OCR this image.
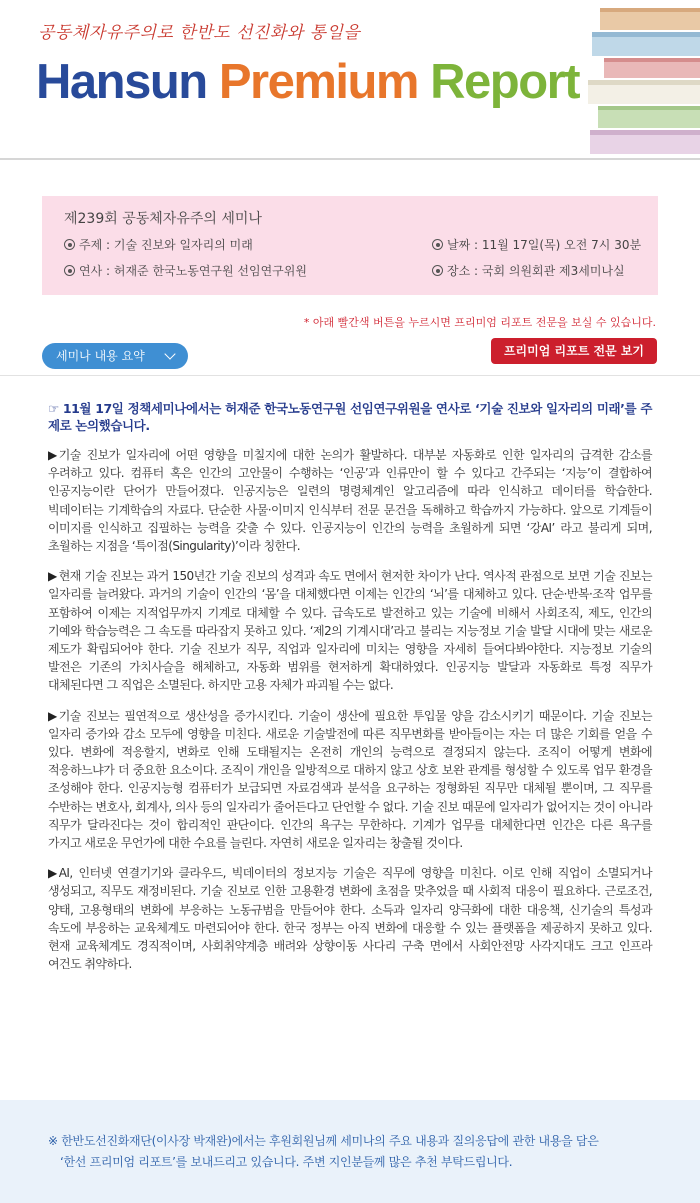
공동체자유주의로 한반도 선진화와 통일을
Hansun Premium Report
제239회 공동체자유주의 세미나
주제 : 기술 진보와 일자리의 미래
연사 : 허재준 한국노동연구원 선임연구위원
날짜 : 11월 17일(목) 오전 7시 30분
장소 : 국회 의원회관 제3세미나실
* 아래 빨간색 버튼을 누르시면 프리미엄 리포트 전문을 보실 수 있습니다.
세미나 내용 요약	프리미엄 리포트 전문 보기

☞ 11월 17일 정책세미나에서는 허재준 한국노동연구원 선임연구위원을 연사로 ‘기술 진보와 일자리의 미래’를 주제로 논의했습니다.

▶ 기술 진보가 일자리에 어떤 영향을 미칠지에 대한 논의가 활발하다. 대부분 자동화로 인한 일자리의 급격한 감소를 우려하고 있다. 컴퓨터 혹은 인간의 고안물이 수행하는 ‘인공’과 인류만이 할 수 있다고 간주되는 ‘지능’이 결합하여 인공지능이란 단어가 만들어졌다. 인공지능은 일련의 명령체계인 알고리즘에 따라 인식하고 데이터를 학습한다. 빅데이터는 기계학습의 자료다. 단순한 사물·이미지 인식부터 전문 문건을 독해하고 학습까지 가능하다. 앞으로 기계들이 이미지를 인식하고 집필하는 능력을 갖출 수 있다. 인공지능이 인간의 능력을 초월하게 되면 ‘강AI’ 라고 불리게 되며, 초월하는 지점을 ‘특이점(Singularity)’이라 칭한다.

▶ 현재 기술 진보는 과거 150년간 기술 진보의 성격과 속도 면에서 현저한 차이가 난다. 역사적 관점으로 보면 기술 진보는 일자리를 늘려왔다. 과거의 기술이 인간의 ‘몸’을 대체했다면 이제는 인간의 ‘뇌’를 대체하고 있다. 단순·반복·조작 업무를 포함하여 이제는 지적업무까지 기계로 대체할 수 있다. 급속도로 발전하고 있는 기술에 비해서 사회조직, 제도, 인간의 기예와 학습능력은 그 속도를 따라잡지 못하고 있다. ‘제2의 기계시대’라고 불리는 지능정보 기술 발달 시대에 맞는 새로운 제도가 확립되어야 한다. 기술 진보가 직무, 직업과 일자리에 미치는 영향을 자세히 들여다봐야한다. 지능정보 기술의 발전은 기존의 가치사슬을 해체하고, 자동화 범위를 현저하게 확대하였다. 인공지능 발달과 자동화로 특정 직무가 대체된다면 그 직업은 소멸된다. 하지만 고용 자체가 파괴될 수는 없다.

▶ 기술 진보는 필연적으로 생산성을 증가시킨다. 기술이 생산에 필요한 투입물 양을 감소시키기 때문이다. 기술 진보는 일자리 증가와 감소 모두에 영향을 미친다. 새로운 기술발전에 따른 직무변화를 받아들이는 자는 더 많은 기회를 얻을 수 있다. 변화에 적응할지, 변화로 인해 도태될지는 온전히 개인의 능력으로 결정되지 않는다. 조직이 어떻게 변화에 적응하느냐가 더 중요한 요소이다. 조직이 개인을 일방적으로 대하지 않고 상호 보완 관계를 형성할 수 있도록 업무 환경을 조성해야 한다. 인공지능형 컴퓨터가 보급되면 자료검색과 분석을 요구하는 정형화된 직무만 대체될 뿐이며, 그 직무를 수반하는 변호사, 회계사, 의사 등의 일자리가 줄어든다고 단언할 수 없다. 기술 진보 때문에 일자리가 없어지는 것이 아니라 직무가 달라진다는 것이 합리적인 판단이다. 인간의 욕구는 무한하다. 기계가 업무를 대체한다면 인간은 다른 욕구를 가지고 새로운 무언가에 대한 수요를 늘린다. 자연히 새로운 일자리는 창출될 것이다.

▶ AI, 인터넷 연결기기와 클라우드, 빅데이터의 정보지능 기술은 직무에 영향을 미친다. 이로 인해 직업이 소멸되거나 생성되고, 직무도 재정비된다. 기술 진보로 인한 고용환경 변화에 초점을 맞추었을 때 사회적 대응이 필요하다. 근로조건, 양태, 고용형태의 변화에 부응하는 노동규범을 만들어야 한다. 소득과 일자리 양극화에 대한 대응책, 신기술의 특성과 속도에 부응하는 교육체계도 마련되어야 한다. 한국 정부는 아직 변화에 대응할 수 있는 플랫폼을 제공하지 못하고 있다. 현재 교육체계도 경직적이며, 사회취약계층 배려와 상향이동 사다리 구축 면에서 사회안전망 사각지대도 크고 인프라 여건도 취약하다.

※ 한반도선진화재단(이사장 박재완)에서는 후원회원님께 세미나의 주요 내용과 질의응답에 관한 내용을 담은
‘한선 프리미엄 리포트’를 보내드리고 있습니다. 주변 지인분들께 많은 추천 부탁드립니다.
